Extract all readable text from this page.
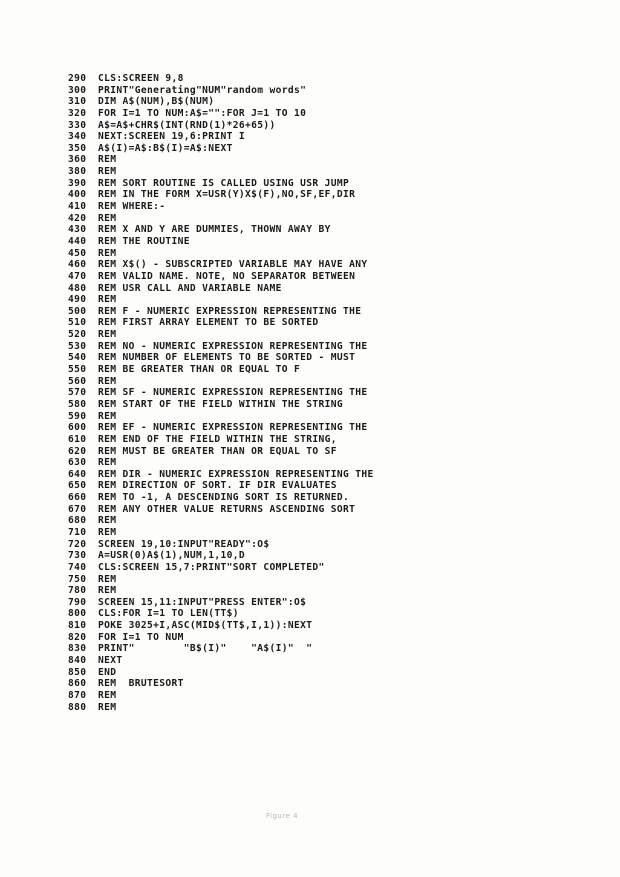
290 CLS:SCREEN 9,8
300 PRINT"Generating"NUM"random words"
310 DIM A$(NUM),B$(NUM)
320 FOR I=1 TO NUM:A$="":FOR J=1 TO 10
330 A$=A$+CHR$(INT(RND(1)*26+65))
340 NEXT:SCREEN 19,6:PRINT I
350 A$(I)=A$:B$(I)=A$:NEXT
360 REM
380 REM
390 REM SORT ROUTINE IS CALLED USING USR JUMP
400 REM IN THE FORM X=USR(Y)X$(F),NO,SF,EF,DIR
410 REM WHERE:-
420 REM
430 REM X AND Y ARE DUMMIES, THOWN AWAY BY
440 REM THE ROUTINE
450 REM
460 REM X$() - SUBSCRIPTED VARIABLE MAY HAVE ANY
470 REM VALID NAME. NOTE, NO SEPARATOR BETWEEN
480 REM USR CALL AND VARIABLE NAME
490 REM
500 REM F - NUMERIC EXPRESSION REPRESENTING THE
510 REM FIRST ARRAY ELEMENT TO BE SORTED
520 REM
530 REM NO - NUMERIC EXPRESSION REPRESENTING THE
540 REM NUMBER OF ELEMENTS TO BE SORTED - MUST
550 REM BE GREATER THAN OR EQUAL TO F
560 REM
570 REM SF - NUMERIC EXPRESSION REPRESENTING THE
580 REM START OF THE FIELD WITHIN THE STRING
590 REM
600 REM EF - NUMERIC EXPRESSION REPRESENTING THE
610 REM END OF THE FIELD WITHIN THE STRING,
620 REM MUST BE GREATER THAN OR EQUAL TO SF
630 REM
640 REM DIR - NUMERIC EXPRESSION REPRESENTING THE
650 REM DIRECTION OF SORT. IF DIR EVALUATES
660 REM TO -1, A DESCENDING SORT IS RETURNED.
670 REM ANY OTHER VALUE RETURNS ASCENDING SORT
680 REM
710 REM
720 SCREEN 19,10:INPUT"READY":O$
730 A=USR(0)A$(1),NUM,1,10,D
740 CLS:SCREEN 15,7:PRINT"SORT COMPLETED"
750 REM
780 REM
790 SCREEN 15,11:INPUT"PRESS ENTER":O$
800 CLS:FOR I=1 TO LEN(TT$)
810 POKE 3025+I,ASC(MID$(TT$,I,1)):NEXT
820 FOR I=1 TO NUM
830 PRINT"        "B$(I)"    "A$(I)"  "
840 NEXT
850 END
860 REM  BRUTESORT
870 REM
880 REM
Figure 4
